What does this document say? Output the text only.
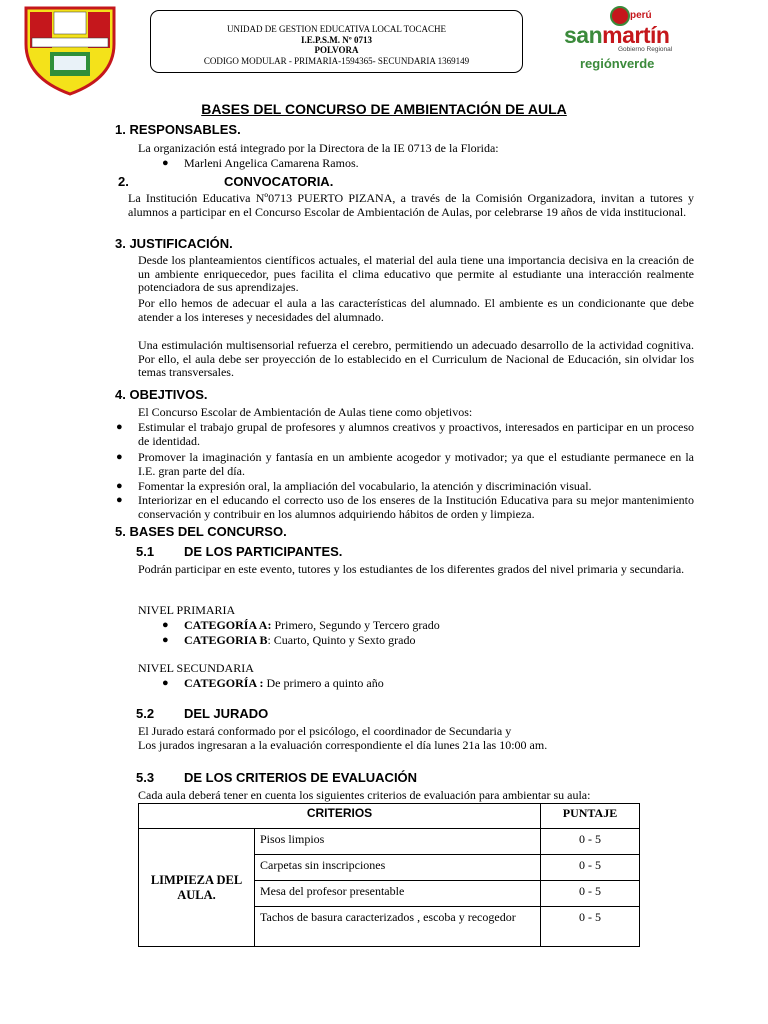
UNIDAD DE GESTION EDUCATIVA LOCAL TOCACHE
I.E.P.S.M. Nº 0713
POLVORA
CODIGO MODULAR - PRIMARIA-1594365- SECUNDARIA 1369149
perú
sanmartín
Gobierno Regional
regiónverde
BASES DEL CONCURSO DE AMBIENTACIÓN DE AULA
1. RESPONSABLES.
La organización está integrado por la Directora de la IE 0713 de la Florida:
● Marleni Angelica Camarena Ramos.
2.	CONVOCATORIA.
La Institución Educativa Nº0713 PUERTO PIZANA, a través de la Comisión Organizadora, invitan a tutores y alumnos a participar en el Concurso Escolar de Ambientación de Aulas, por celebrarse 19 años de vida institucional.
3. JUSTIFICACIÓN.
Desde los planteamientos científicos actuales, el material del aula tiene una importancia decisiva en la creación de un ambiente enriquecedor, pues facilita el clima educativo que permite al estudiante una interacción realmente potenciadora de sus aprendizajes.
Por ello hemos de adecuar el aula a las características del alumnado. El ambiente es un condicionante que debe atender a los intereses y necesidades del alumnado.
Una estimulación multisensorial refuerza el cerebro, permitiendo un adecuado desarrollo de la actividad cognitiva. Por ello, el aula debe ser proyección de lo establecido en el Curriculum de Nacional de Educación, sin olvidar los temas transversales.
4. OBEJTIVOS.
El Concurso Escolar de Ambientación de Aulas tiene como objetivos:
● Estimular el trabajo grupal de profesores y alumnos creativos y proactivos, interesados en participar en un proceso de identidad.
● Promover la imaginación y fantasía en un ambiente acogedor y motivador; ya que el estudiante permanece en la I.E. gran parte del día.
● Fomentar la expresión oral, la ampliación del vocabulario, la atención y discriminación visual.
● Interiorizar en el educando el correcto uso de los enseres de la Institución Educativa para su mejor mantenimiento conservación y contribuir en los alumnos adquiriendo hábitos de orden y limpieza.
5. BASES DEL CONCURSO.
5.1 DE LOS PARTICIPANTES.
Podrán participar en este evento, tutores y los estudiantes de los diferentes grados del nivel primaria y secundaria.
NIVEL PRIMARIA
● CATEGORÍA A: Primero, Segundo y Tercero grado
● CATEGORIA B: Cuarto, Quinto y Sexto grado
NIVEL SECUNDARIA
● CATEGORÍA : De primero a quinto año
5.2 DEL JURADO
El Jurado estará conformado por el psicólogo, el coordinador de Secundaria y
Los jurados ingresaran a la evaluación correspondiente el día lunes 21a las 10:00 am.
5.3 DE LOS CRITERIOS DE EVALUACIÓN
Cada aula deberá tener en cuenta los siguientes criterios de evaluación para ambientar su aula:
CRITERIOS		PUNTAJE
LIMPIEZA DEL AULA.	Pisos limpios	0 - 5
	Carpetas sin inscripciones	0 - 5
	Mesa del profesor presentable	0 - 5
	Tachos de basura caracterizados , escoba y recogedor	0 - 5
